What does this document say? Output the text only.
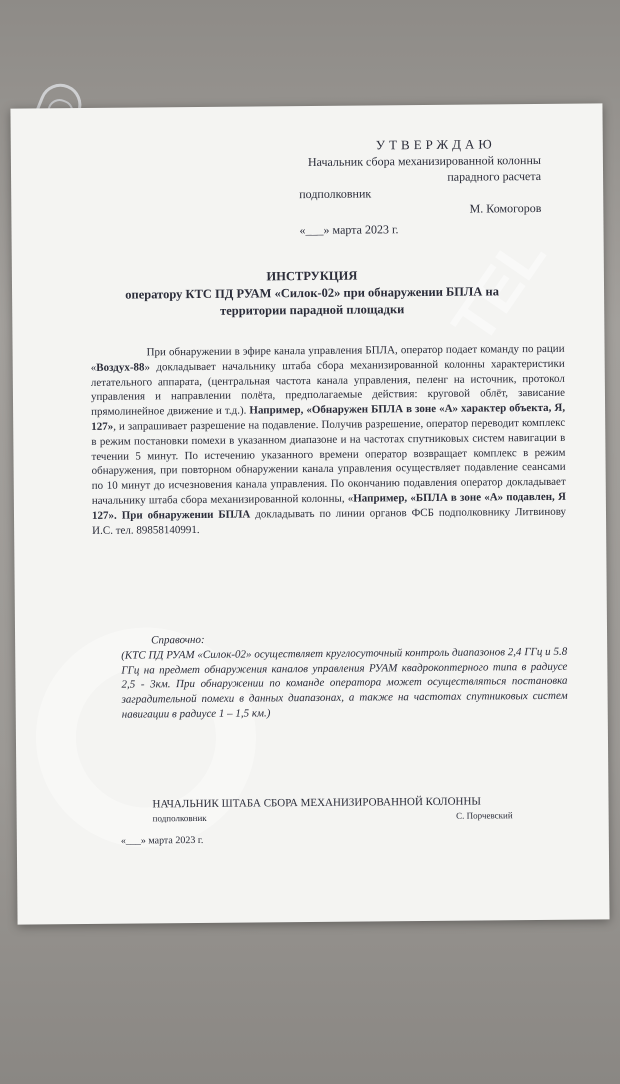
TEL
УТВЕРЖДАЮ
Начальник сбора механизированной колонны
парадного расчета
подполковник
М. Комогоров
«___» марта 2023 г.
ИНСТРУКЦИЯ
оператору КТС ПД РУАМ «Силок-02» при обнаружении БПЛА на
территории парадной площадки

При обнаружении в эфире канала управления БПЛА, оператор подает команду по рации «Воздух-88» докладывает начальнику штаба сбора механизированной колонны характеристики летательного аппарата, (центральная частота канала управления, пеленг на источник, протокол управления и направлении полёта, предполагаемые действия: круговой облёт, зависание прямолинейное движение и т.д.). Например, «Обнаружен БПЛА в зоне «А» характер объекта, Я, 127», и запрашивает разрешение на подавление. Получив разрешение, оператор переводит комплекс в режим постановки помехи в указанном диапазоне и на частотах спутниковых систем навигации в течении 5 минут. По истечению указанного времени оператор возвращает комплекс в режим обнаружения, при повторном обнаружении канала управления осуществляет подавление сеансами по 10 минут до исчезновения канала управления. По окончанию подавления оператор докладывает начальнику штаба сбора механизированной колонны, «Например, «БПЛА в зоне «А» подавлен, Я 127». При обнаружении БПЛА докладывать по линии органов ФСБ подполковнику Литвинову И.С. тел. 89858140991.

Справочно:
(КТС ПД РУАМ «Силок-02» осуществляет круглосуточный контроль диапазонов 2,4 ГГц и 5.8 ГГц на предмет обнаружения каналов управления РУАМ квадрокоптерного типа в радиусе 2,5 - 3км. При обнаружении по команде оператора может осуществляться постановка заградительной помехи в данных диапазонах, а также на частотах спутниковых систем навигации в радиусе 1 – 1,5 км.)
НАЧАЛЬНИК ШТАБА СБОРА МЕХАНИЗИРОВАННОЙ КОЛОННЫ
подполковник	С. Порчевский
«___» марта 2023 г.
